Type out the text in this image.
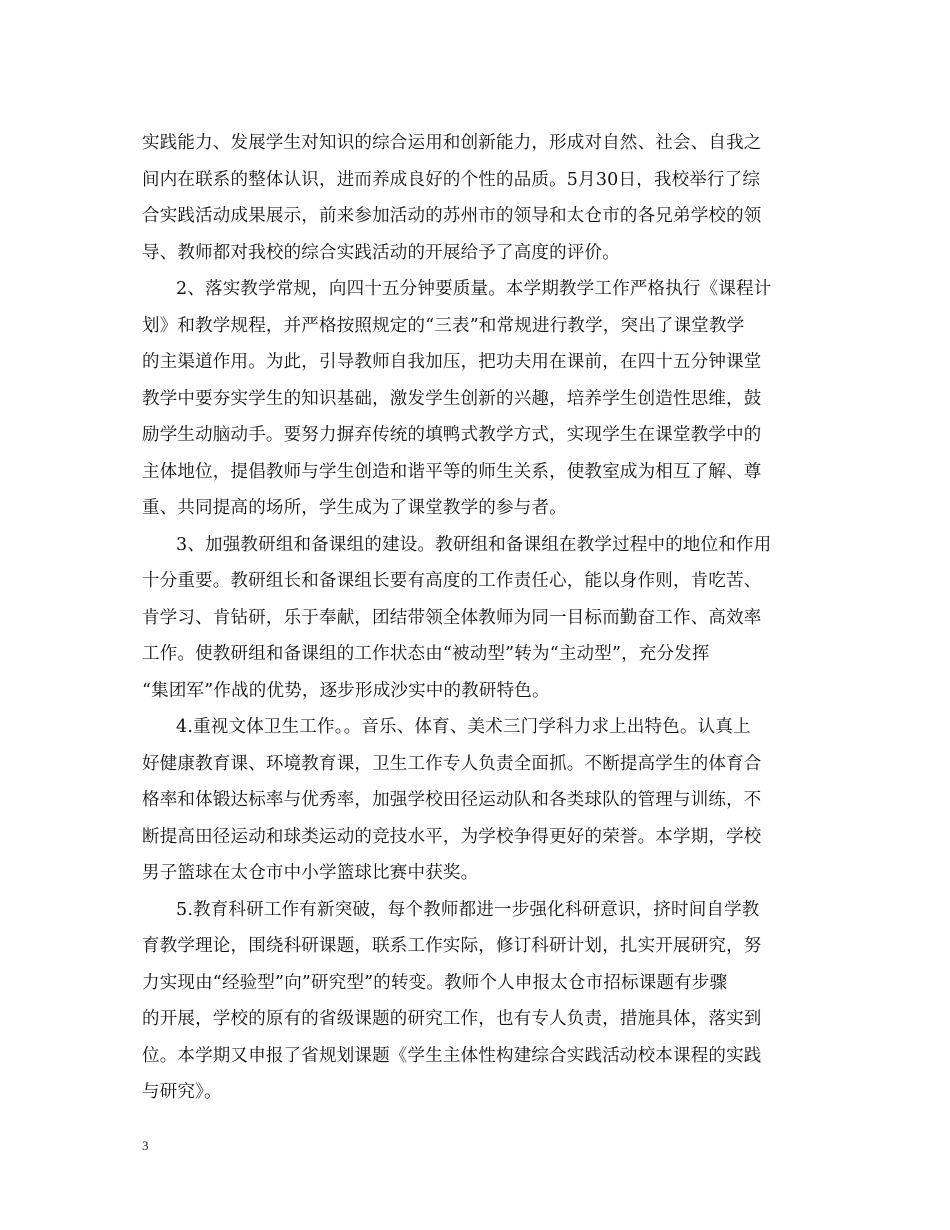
实践能力、发展学生对知识的综合运用和创新能力，形成对自然、社会、自我之
间内在联系的整体认识，进而养成良好的个性的品质。5月30日，我校举行了综
合实践活动成果展示，前来参加活动的苏州市的领导和太仓市的各兄弟学校的领
导、教师都对我校的综合实践活动的开展给予了高度的评价。
2、落实教学常规，向四十五分钟要质量。本学期教学工作严格执行《课程计
划》和教学规程，并严格按照规定的“三表”和常规进行教学，突出了课堂教学
的主渠道作用。为此，引导教师自我加压，把功夫用在课前，在四十五分钟课堂
教学中要夯实学生的知识基础，激发学生创新的兴趣，培养学生创造性思维，鼓
励学生动脑动手。要努力摒弃传统的填鸭式教学方式，实现学生在课堂教学中的
主体地位，提倡教师与学生创造和谐平等的师生关系，使教室成为相互了解、尊
重、共同提高的场所，学生成为了课堂教学的参与者。
3、加强教研组和备课组的建设。教研组和备课组在教学过程中的地位和作用
十分重要。教研组长和备课组长要有高度的工作责任心，能以身作则，肯吃苦、
肯学习、肯钻研，乐于奉献，团结带领全体教师为同一目标而勤奋工作、高效率
工作。使教研组和备课组的工作状态由“被动型”转为“主动型”，充分发挥
“集团军”作战的优势，逐步形成沙实中的教研特色。
4.重视文体卫生工作。。音乐、体育、美术三门学科力求上出特色。认真上
好健康教育课、环境教育课，卫生工作专人负责全面抓。不断提高学生的体育合
格率和体锻达标率与优秀率，加强学校田径运动队和各类球队的管理与训练，不
断提高田径运动和球类运动的竞技水平，为学校争得更好的荣誉。本学期，学校
男子篮球在太仓市中小学篮球比赛中获奖。
5.教育科研工作有新突破，每个教师都进一步强化科研意识，挤时间自学教
育教学理论，围绕科研课题，联系工作实际，修订科研计划，扎实开展研究，努
力实现由“经验型”向”研究型”的转变。教师个人申报太仓市招标课题有步骤
的开展，学校的原有的省级课题的研究工作，也有专人负责，措施具体，落实到
位。本学期又申报了省规划课题《学生主体性构建综合实践活动校本课程的实践
与研究》。
3
